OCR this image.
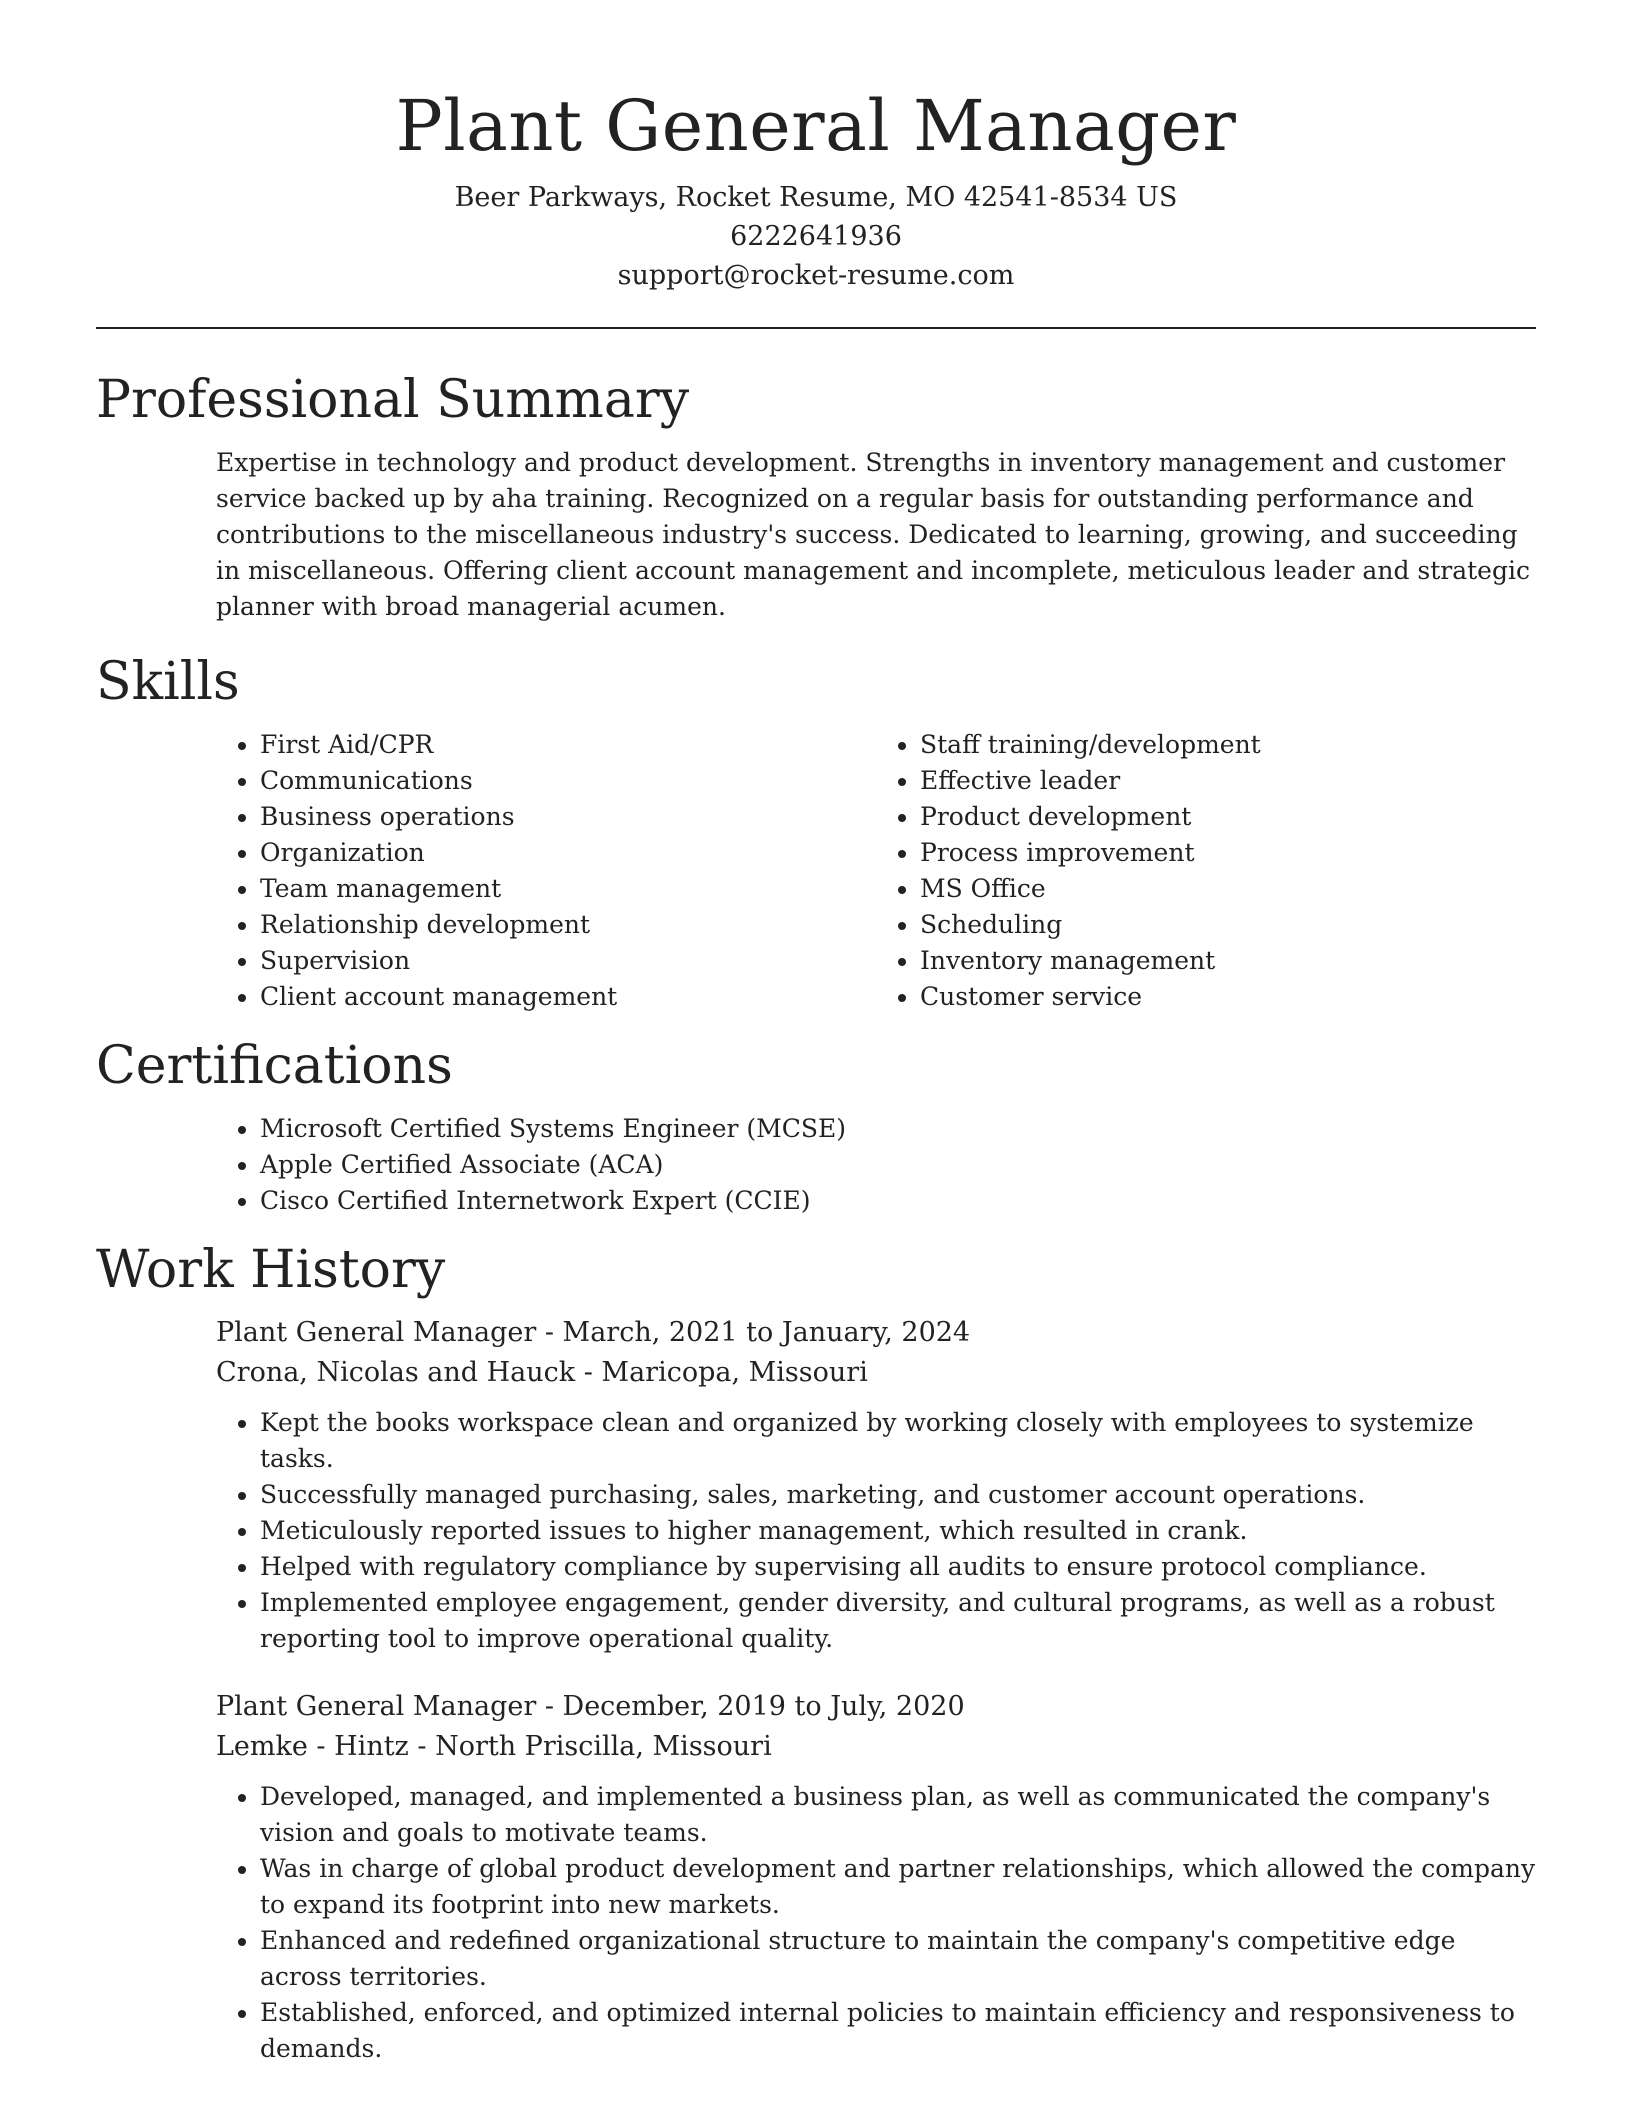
Plant General Manager
Beer Parkways, Rocket Resume, MO 42541-8534 US
6222641936
support@rocket-resume.com
Professional Summary
Expertise in technology and product development. Strengths in inventory management and customer service backed up by aha training. Recognized on a regular basis for outstanding performance and contributions to the miscellaneous industry's success. Dedicated to learning, growing, and succeeding in miscellaneous. Offering client account management and incomplete, meticulous leader and strategic planner with broad managerial acumen.
Skills
• First Aid/CPR
• Communications
• Business operations
• Organization
• Team management
• Relationship development
• Supervision
• Client account management
• Staff training/development
• Effective leader
• Product development
• Process improvement
• MS Office
• Scheduling
• Inventory management
• Customer service
Certifications
• Microsoft Certified Systems Engineer (MCSE)
• Apple Certified Associate (ACA)
• Cisco Certified Internetwork Expert (CCIE)
Work History
Plant General Manager - March, 2021 to January, 2024
Crona, Nicolas and Hauck - Maricopa, Missouri
• Kept the books workspace clean and organized by working closely with employees to systemize tasks.
• Successfully managed purchasing, sales, marketing, and customer account operations.
• Meticulously reported issues to higher management, which resulted in crank.
• Helped with regulatory compliance by supervising all audits to ensure protocol compliance.
• Implemented employee engagement, gender diversity, and cultural programs, as well as a robust reporting tool to improve operational quality.
Plant General Manager - December, 2019 to July, 2020
Lemke - Hintz - North Priscilla, Missouri
• Developed, managed, and implemented a business plan, as well as communicated the company's vision and goals to motivate teams.
• Was in charge of global product development and partner relationships, which allowed the company to expand its footprint into new markets.
• Enhanced and redefined organizational structure to maintain the company's competitive edge across territories.
• Established, enforced, and optimized internal policies to maintain efficiency and responsiveness to demands.
